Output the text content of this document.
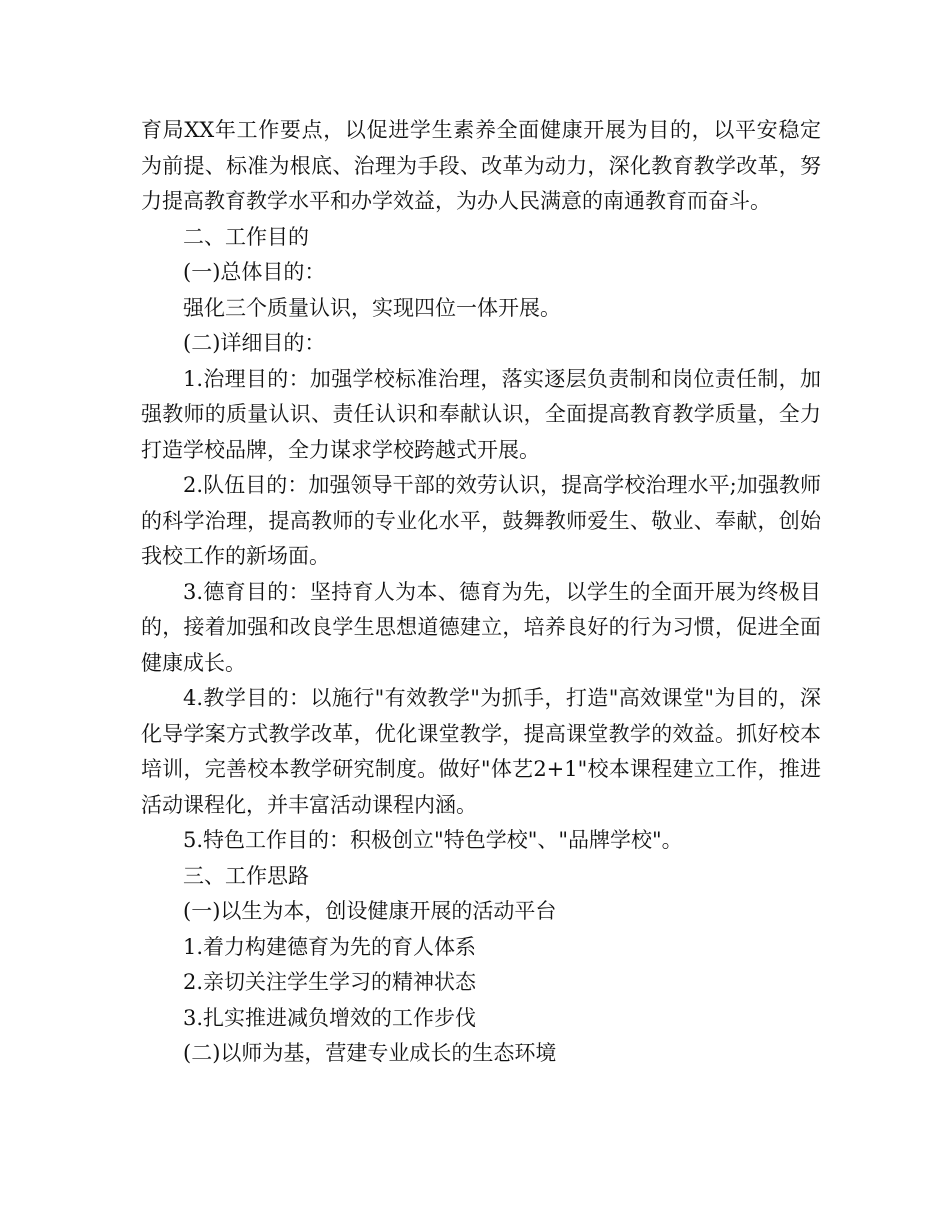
育局XX年工作要点，以促进学生素养全面健康开展为目的，以平安稳定为前提、标准为根底、治理为手段、改革为动力，深化教育教学改革，努力提高教育教学水平和办学效益，为办人民满意的南通教育而奋斗。

二、工作目的

(一)总体目的：

强化三个质量认识，实现四位一体开展。

(二)详细目的：

1.治理目的：加强学校标准治理，落实逐层负责制和岗位责任制，加强教师的质量认识、责任认识和奉献认识，全面提高教育教学质量，全力打造学校品牌，全力谋求学校跨越式开展。

2.队伍目的：加强领导干部的效劳认识，提高学校治理水平;加强教师的科学治理，提高教师的专业化水平，鼓舞教师爱生、敬业、奉献，创始我校工作的新场面。

3.德育目的：坚持育人为本、德育为先，以学生的全面开展为终极目的，接着加强和改良学生思想道德建立，培养良好的行为习惯，促进全面健康成长。

4.教学目的：以施行"有效教学"为抓手，打造"高效课堂"为目的，深化导学案方式教学改革，优化课堂教学，提高课堂教学的效益。抓好校本培训，完善校本教学研究制度。做好"体艺2+1"校本课程建立工作，推进活动课程化，并丰富活动课程内涵。

5.特色工作目的：积极创立"特色学校"、"品牌学校"。

三、工作思路

(一)以生为本，创设健康开展的活动平台

1.着力构建德育为先的育人体系

2.亲切关注学生学习的精神状态

3.扎实推进减负增效的工作步伐

(二)以师为基，营建专业成长的生态环境
